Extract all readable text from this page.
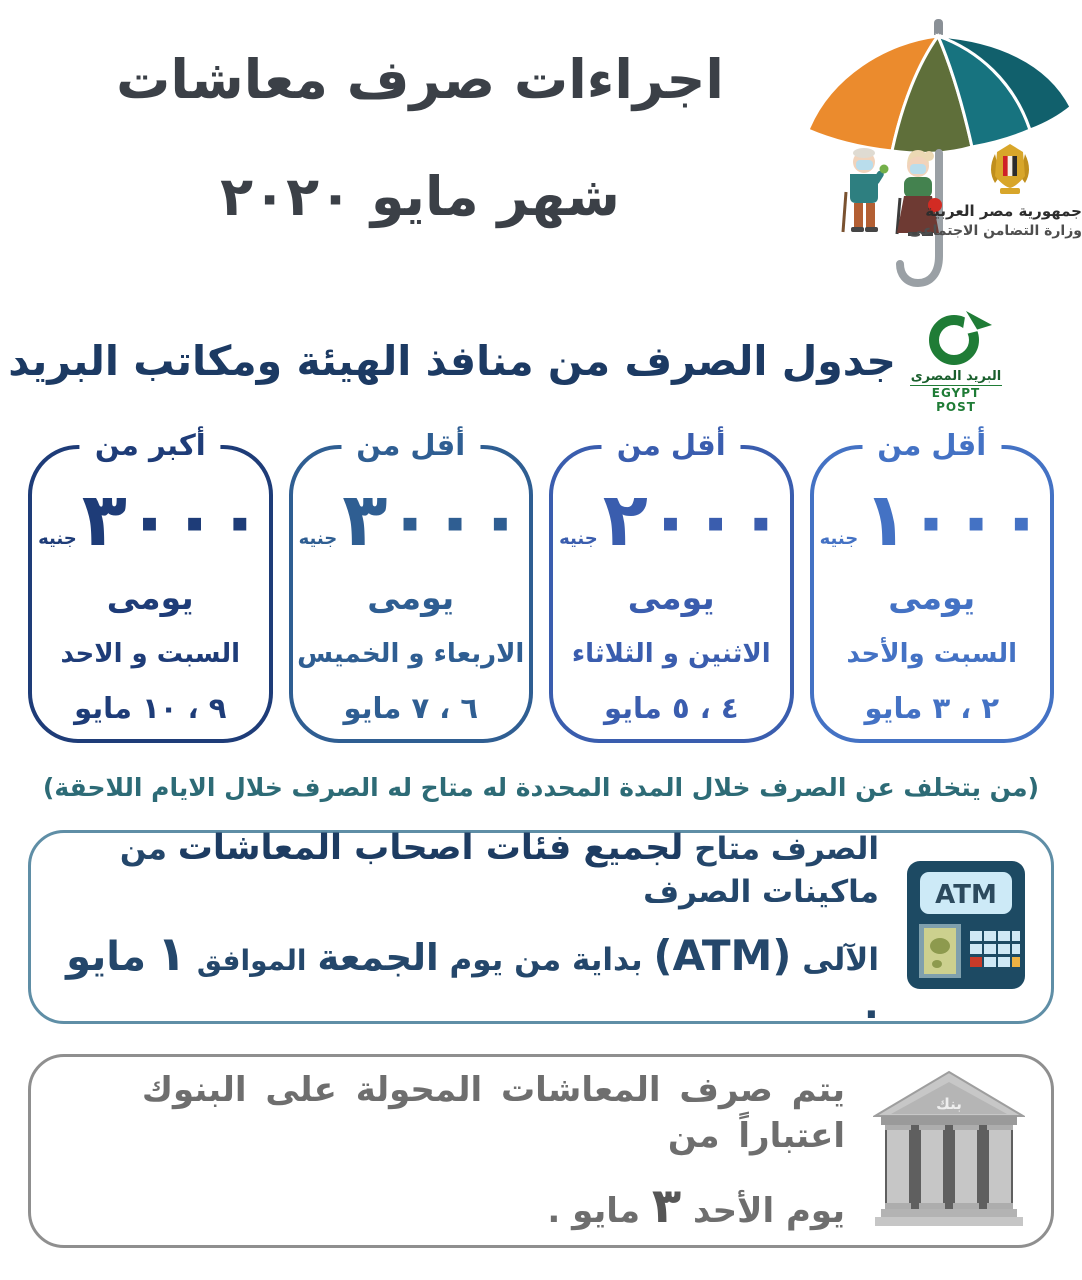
اجراءات صرف معاشات
شهر مايو ٢٠٢٠	جمهورية مصر العربية
وزارة التضامن الاجتماعى
البريد المصرى
EGYPT POST
جدول الصرف من منافذ الهيئة ومكاتب البريد
أقل من
١٠٠٠
جنيه
يومى
السبت والأحد
٢ ، ٣ مايو
أقل من
٢٠٠٠
جنيه
يومى
الاثنين و الثلاثاء
٤ ، ٥ مايو
أقل من
٣٠٠٠
جنيه
يومى
الاربعاء و الخميس
٦ ، ٧ مايو
أكبر من
٣٠٠٠
جنيه
يومى
السبت و الاحد
٩ ، ١٠ مايو
(من يتخلف عن الصرف خلال المدة المحددة له متاح له الصرف خلال الايام اللاحقة)
ATM
الصرف متاح لجميع فئات اصحاب المعاشات من ماكينات الصرف
الآلى (ATM) بداية من يوم الجمعة الموافق ١ مايو .
بنك
يتم صرف المعاشات المحولة على البنوك اعتباراً من
يوم الأحد ٣ مايو .
